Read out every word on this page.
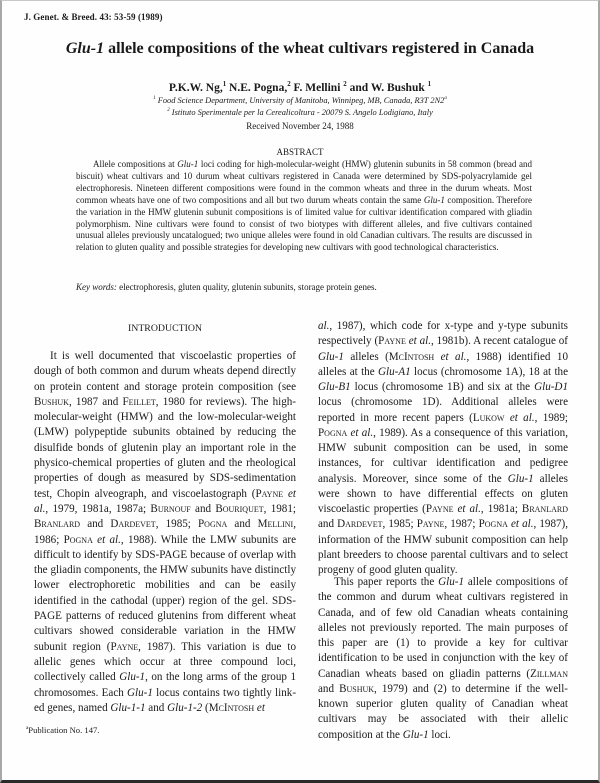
J. Genet. & Breed. 43: 53-59 (1989)
Glu-1 allele compositions of the wheat cultivars registered in Canada
P.K.W. Ng,$^1$ N.E. Pogna,$^2$ F. Mellini $^2$ and W. Bushuk $^1$
$^1$ Food Science Department, University of Manitoba, Winnipeg, MB, Canada, R3T 2N2$^a$
$^2$ Istituto Sperimentale per la Cerealicoltura - 20079 S. Angelo Lodigiano, Italy
Received November 24, 1988
ABSTRACT
Allele compositions at Glu-1 loci coding for high-molecular-weight (HMW) glutenin subunits in 58 common (bread and biscuit) wheat cultivars and 10 durum wheat cultivars registered in Canada were determined by SDS-polyacrylamide gel electrophoresis. Nineteen different compositions were found in the common wheats and three in the durum wheats. Most common wheats have one of two compositions and all but two durum wheats contain the same Glu-1 composition. Therefore the variation in the HMW glutenin subunit compositions is of limited value for cultivar identification compared with gliadin polymorphism. Nine cultivars were found to consist of two biotypes with different alleles, and five cultivars contained unusual alleles previously uncatalogued; two unique alleles were found in old Canadian cultivars. The results are discussed in relation to gluten quality and possible strategies for developing new cultivars with good technological characteristics.
Key words: electrophoresis, gluten quality, glutenin subunits, storage protein genes.
INTRODUCTION

It is well documented that viscoelastic properties of dough of both common and durum wheats depend directly on protein content and storage protein composition (see Bushuk, 1987 and Feillet, 1980 for reviews). The high-molecular-weight (HMW) and the low-molecular-weight (LMW) polypeptide subunits obtained by reducing the disulfide bonds of glutenin play an important role in the physico-chemical properties of gluten and the rheological properties of dough as measured by SDS-sedimentation test, Chopin alveograph, and viscoelastograph (Payne et al., 1979, 1981a, 1987a; Burnouf and Bouriquet, 1981; Branlard and Dardevet, 1985; Pogna and Mellini, 1986; Pogna et al., 1988). While the LMW subunits are difficult to identify by SDS-PAGE because of overlap with the gliadin components, the HMW subunits have distinctly lower electrophoretic mobilities and can be easily identified in the cathodal (upper) region of the gel. SDS-PAGE patterns of reduced glutenins from different wheat cultivars showed considerable variation in the HMW subunit region (Payne, 1987). This variation is due to allelic genes which occur at three compound loci, collectively called Glu-1, on the long arms of the group 1 chromosomes. Each Glu-1 locus contains two tightly linked genes, named Glu-1-1 and Glu-1-2 (McIntosh et

al., 1987), which code for x-type and y-type subunits respectively (Payne et al., 1981b). A recent catalogue of Glu-1 alleles (McIntosh et al., 1988) identified 10 alleles at the Glu-A1 locus (chromosome 1A), 18 at the Glu-B1 locus (chromosome 1B) and six at the Glu-D1 locus (chromosome 1D). Additional alleles were reported in more recent papers (Lukow et al., 1989; Pogna et al., 1989). As a consequence of this variation, HMW subunit composition can be used, in some instances, for cultivar identification and pedigree analysis. Moreover, since some of the Glu-1 alleles were shown to have differential effects on gluten viscoelastic properties (Payne et al., 1981a; Branlard and Dardevet, 1985; Payne, 1987; Pogna et al., 1987), information of the HMW subunit composition can help plant breeders to choose parental cultivars and to select progeny of good gluten quality.

This paper reports the Glu-1 allele compositions of the common and durum wheat cultivars registered in Canada, and of few old Canadian wheats containing alleles not previously reported. The main purposes of this paper are (1) to provide a key for cultivar identification to be used in conjunction with the key of Canadian wheats based on gliadin patterns (Zillman and Bushuk, 1979) and (2) to determine if the well-known superior gluten quality of Canadian wheat cultivars may be associated with their allelic composition at the Glu-1 loci.

$^a$Publication No. 147.
